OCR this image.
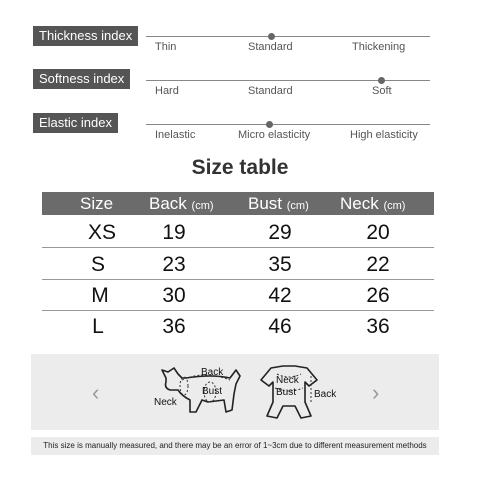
Thickness index
Thin	Standard	Thickening
Softness index
Hard	Standard	Soft
Elastic index
Inelastic	Micro elasticity	High elasticity
Size table
Size Back (cm) Bust (cm) Neck (cm)
XS	19	29	20
S	23	35	22
M	30	42	26
L	36	46	36
‹	›
Back
Neck
Bust
Neck
Bust Back
This size is manually measured, and there may be an error of 1~3cm due to different measurement methods
